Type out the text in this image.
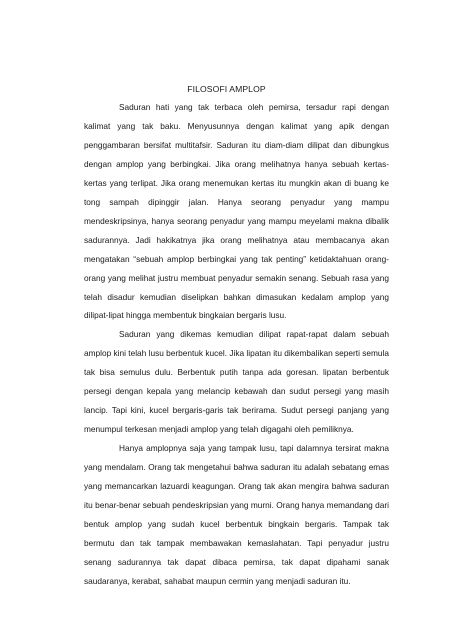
FILOSOFI AMPLOP

Saduran hati yang tak terbaca oleh pemirsa, tersadur rapi dengan kalimat yang tak baku. Menyusunnya dengan kalimat yang apik dengan penggambaran bersifat multitafsir. Saduran itu diam-diam dilipat dan dibungkus dengan amplop yang berbingkai. Jika orang melihatnya hanya sebuah kertas-kertas yang terlipat. Jika orang menemukan kertas itu mungkin akan di buang ke tong sampah dipinggir jalan. Hanya seorang penyadur yang mampu mendeskripsinya, hanya seorang penyadur yang mampu meyelami makna dibalik sadurannya. Jadi hakikatnya jika orang melihatnya atau membacanya akan mengatakan “sebuah amplop berbingkai yang tak penting” ketidaktahuan orang-orang yang melihat justru membuat penyadur semakin senang. Sebuah rasa yang telah disadur kemudian diselipkan bahkan dimasukan kedalam amplop yang dilipat-lipat hingga membentuk bingkaian bergaris lusu.

Saduran yang dikemas kemudian dilipat rapat-rapat dalam sebuah amplop kini telah lusu berbentuk kucel. Jika lipatan itu dikembalikan seperti semula tak bisa semulus dulu. Berbentuk putih tanpa ada goresan. lipatan berbentuk persegi dengan kepala yang melancip kebawah dan sudut persegi yang masih lancip. Tapi kini, kucel bergaris-garis tak berirama. Sudut persegi panjang yang menumpul terkesan menjadi amplop yang telah digagahi oleh pemiliknya.

Hanya amplopnya saja yang tampak lusu, tapi dalamnya tersirat makna yang mendalam. Orang tak mengetahui bahwa saduran itu adalah sebatang emas yang memancarkan lazuardi keagungan. Orang tak akan mengira bahwa saduran itu benar-benar sebuah pendeskripsian yang murni. Orang hanya memandang dari bentuk amplop yang sudah kucel berbentuk bingkain bergaris. Tampak tak bermutu dan tak tampak membawakan kemaslahatan. Tapi penyadur justru senang sadurannya tak dapat dibaca pemirsa, tak dapat dipahami sanak saudaranya, kerabat, sahabat maupun cermin yang menjadi saduran itu.
